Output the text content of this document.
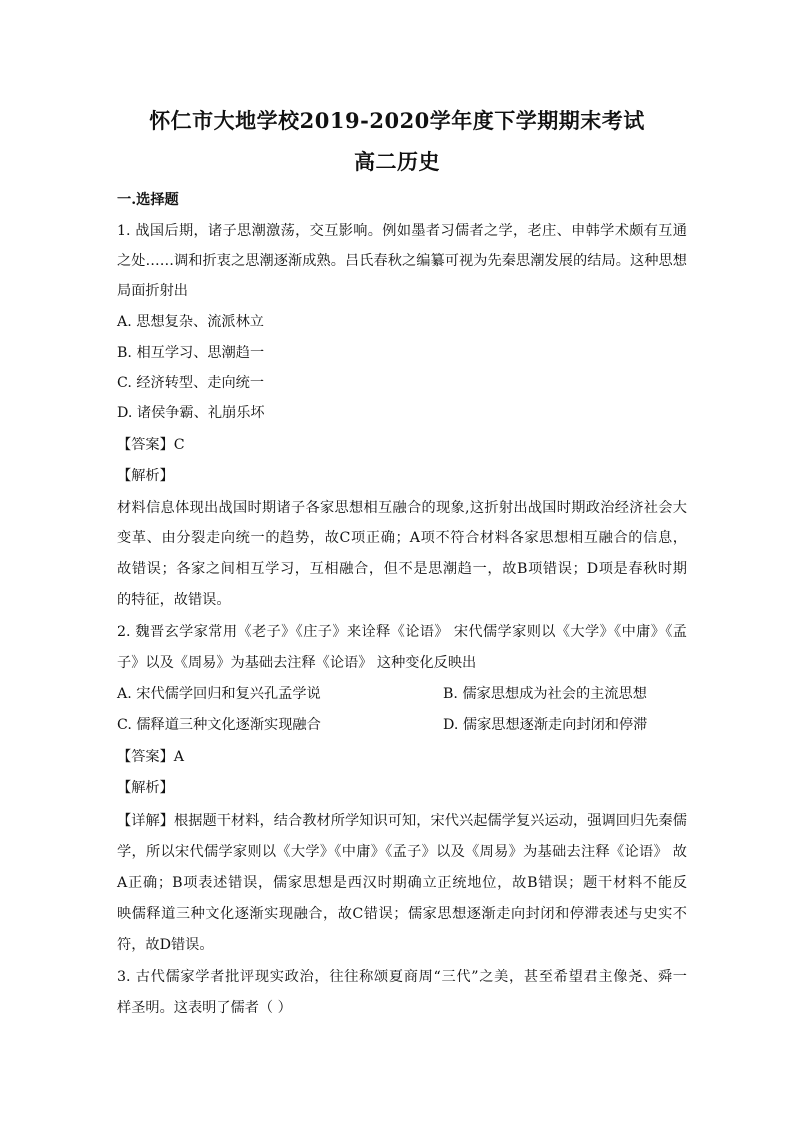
怀仁市大地学校2019-2020学年度下学期期末考试
高二历史
一.选择题
1. 战国后期，诸子思潮激荡，交互影响。例如墨者习儒者之学，老庄、申韩学术颇有互通
之处……调和折衷之思潮逐渐成熟。吕氏春秋之编纂可视为先秦思潮发展的结局。这种思想
局面折射出
A. 思想复杂、流派林立
B. 相互学习、思潮趋一
C. 经济转型、走向统一
D. 诸侯争霸、礼崩乐坏
【答案】C
【解析】
材料信息体现出战国时期诸子各家思想相互融合的现象,这折射出战国时期政治经济社会大
变革、由分裂走向统一的趋势，故C项正确；A项不符合材料各家思想相互融合的信息，
故错误；各家之间相互学习，互相融合，但不是思潮趋一，故B项错误；D项是春秋时期
的特征，故错误。
2. 魏晋玄学家常用《老子》《庄子》来诠释《论语》 宋代儒学家则以《大学》《中庸》《孟
子》以及《周易》为基础去注释《论语》 这种变化反映出
A. 宋代儒学回归和复兴孔孟学说	B. 儒家思想成为社会的主流思想
C. 儒释道三种文化逐渐实现融合	D. 儒家思想逐渐走向封闭和停滞
【答案】A
【解析】
【详解】根据题干材料，结合教材所学知识可知，宋代兴起儒学复兴运动，强调回归先秦儒
学，所以宋代儒学家则以《大学》《中庸》《孟子》以及《周易》为基础去注释《论语》 故
A正确；B项表述错误，儒家思想是西汉时期确立正统地位，故B错误；题干材料不能反
映儒释道三种文化逐渐实现融合，故C错误；儒家思想逐渐走向封闭和停滞表述与史实不
符，故D错误。
3. 古代儒家学者批评现实政治，往往称颂夏商周“三代”之美，甚至希望君主像尧、舜一
样圣明。这表明了儒者（ ）
